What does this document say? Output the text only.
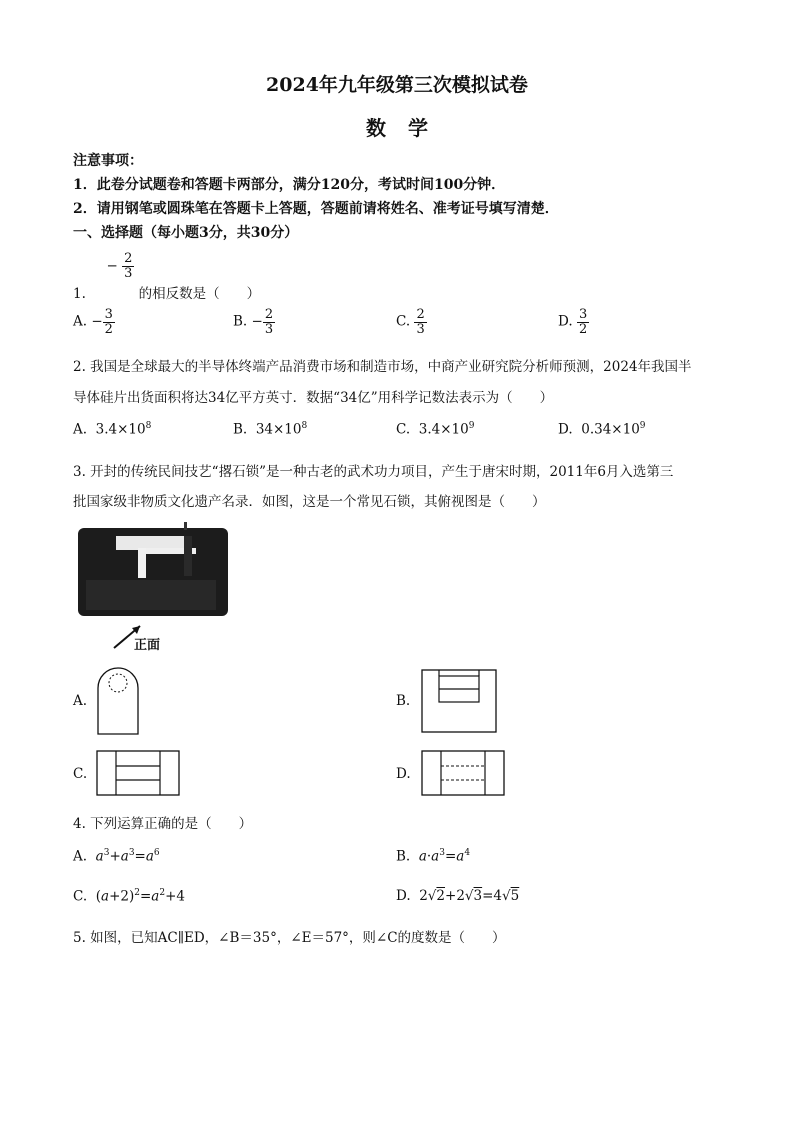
2024年九年级第三次模拟试卷
数学
注意事项：
1．此卷分试题卷和答题卡两部分，满分120分，考试时间100分钟．
2．请用钢笔或圆珠笔在答题卡上答题，答题前请将姓名、准考证号填写清楚．
一、选择题（每小题3分，共30分）
1.  − $\frac{2}{3}$
的相反数是（　　）
A. − $\frac{3}{2}$	B. − $\frac{2}{3}$	C. $\frac{2}{3}$	D. $\frac{3}{2}$
2. 我国是全球最大的半导体终端产品消费市场和制造市场，中商产业研究院分析师预测，2024年我国半
导体硅片出货面积将达34亿平方英寸．数据“34亿”用科学记数法表示为（　　）
A. $3.4\times 10^8$	B. $34\times 10^8$	C. $3.4\times 10^9$	D. $0.34\times 10^9$
3. 开封的传统民间技艺“撂石锁”是一种古老的武术功力项目，产生于唐宋时期，2011年6月入选第三
批国家级非物质文化遗产名录．如图，这是一个常见石锁，其俯视图是（　　）
正面
A.	B.
C.	D.
4. 下列运算正确的是（　　）
A. $a^3+a^3=a^6$	B. $a\cdot a^3=a^4$
C.  $(a+2)^2=a^2+4$	D.  2√2+2√3=4√5
5. 如图，已知AC∥ED，∠B＝35°，∠E＝57°，则∠C的度数是（　　）
